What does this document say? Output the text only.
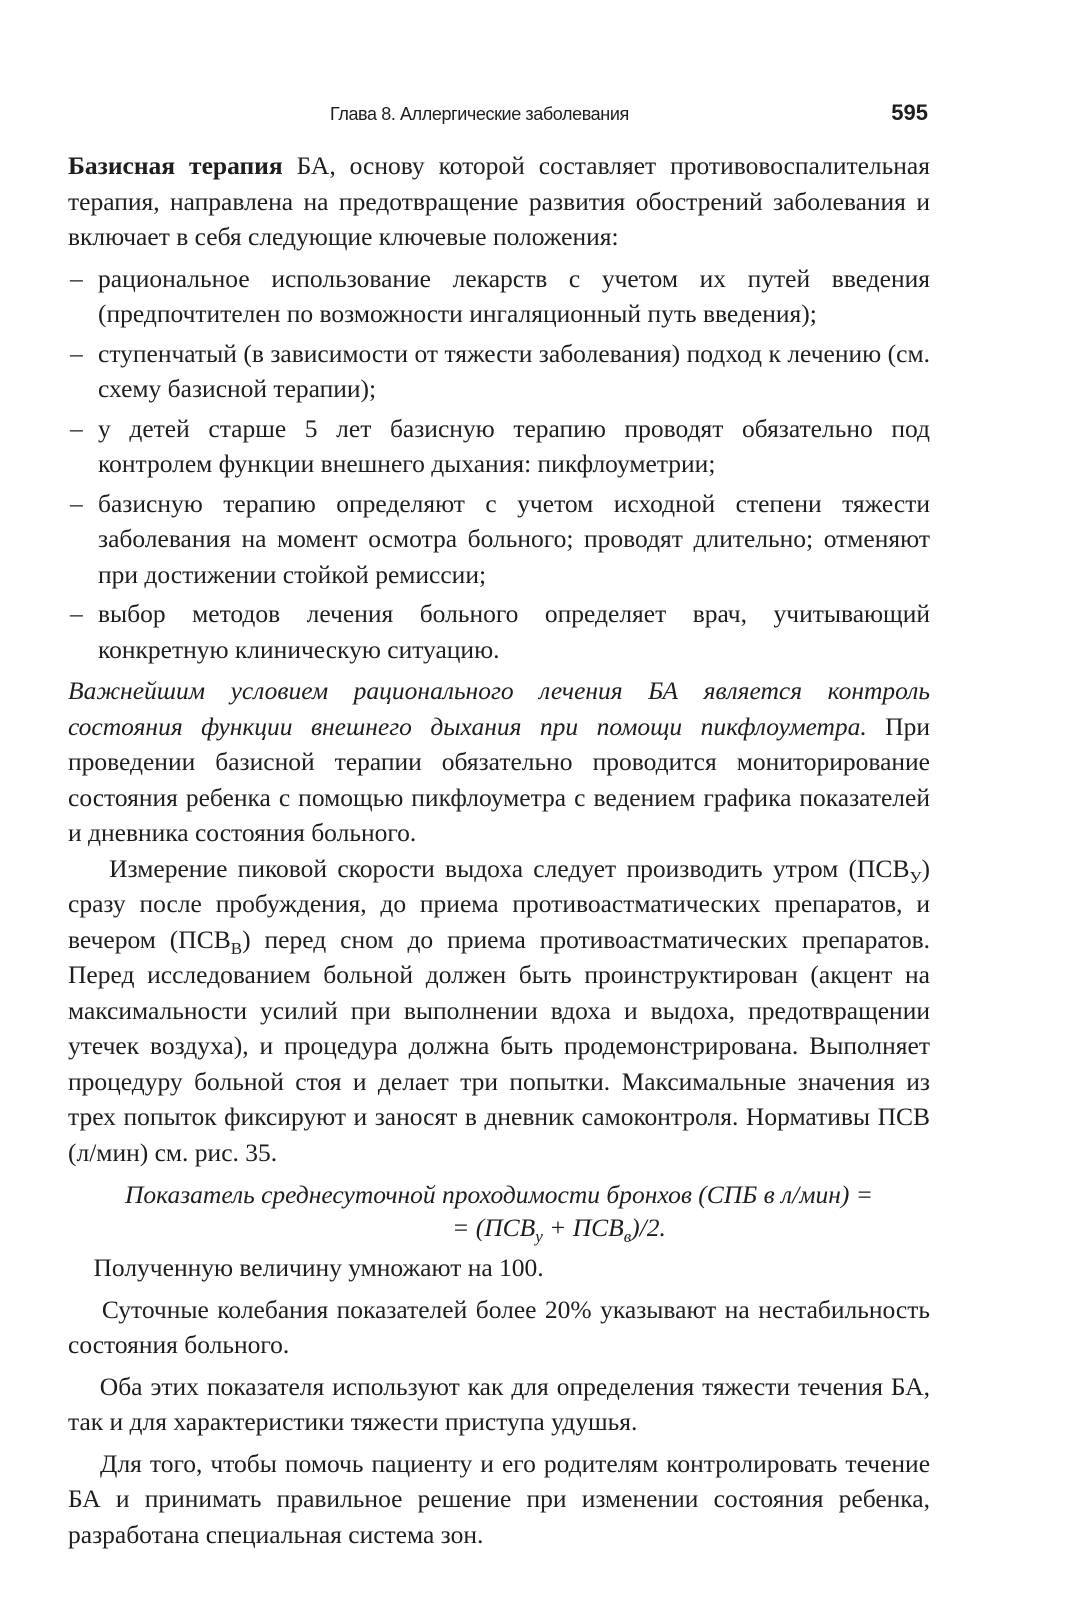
Глава 8. Аллергические заболевания	595

Базисная терапия БА, основу которой составляет противовоспалительная терапия, направлена на предотвращение развития обострений заболевания и включает в себя следующие ключевые положения:

– рациональное использование лекарств с учетом их путей введения (предпочтителен по возможности ингаляционный путь введения);
– ступенчатый (в зависимости от тяжести заболевания) подход к лечению (см. схему базисной терапии);
– у детей старше 5 лет базисную терапию проводят обязательно под контролем функции внешнего дыхания: пикфлоуметрии;
– базисную терапию определяют с учетом исходной степени тяжести заболевания на момент осмотра больного; проводят длительно; отменяют при достижении стойкой ремиссии;
– выбор методов лечения больного определяет врач, учитывающий конкретную клиническую ситуацию.

Важнейшим условием рационального лечения БА является контроль состояния функции внешнего дыхания при помощи пикфлоуметра. При проведении базисной терапии обязательно проводится мониторирование состояния ребенка с помощью пикфлоуметра с ведением графика показателей и дневника состояния больного.

Измерение пиковой скорости выдоха следует производить утром $(ПСВ_У)$ сразу после пробуждения, до приема противоастматических препаратов, и вечером $(ПСВ_В)$ перед сном до приема противоастматических препаратов. Перед исследованием больной должен быть проинструктирован (акцент на максимальности усилий при выполнении вдоха и выдоха, предотвращении утечек воздуха), и процедура должна быть продемонстрирована. Выполняет процедуру больной стоя и делает три попытки. Максимальные значения из трех попыток фиксируют и заносят в дневник самоконтроля. Нормативы ПСВ (л/мин) см. рис. 35.

Показатель среднесуточной проходимости бронхов (СПБ в л/мин) =
= $(ПСВ_у + ПСВ_в)/2$.

Полученную величину умножают на 100.

Суточные колебания показателей более 20% указывают на нестабильность состояния больного.

Оба этих показателя используют как для определения тяжести течения БА, так и для характеристики тяжести приступа удушья.

Для того, чтобы помочь пациенту и его родителям контролировать течение БА и принимать правильное решение при изменении состояния ребенка, разработана специальная система зон.
